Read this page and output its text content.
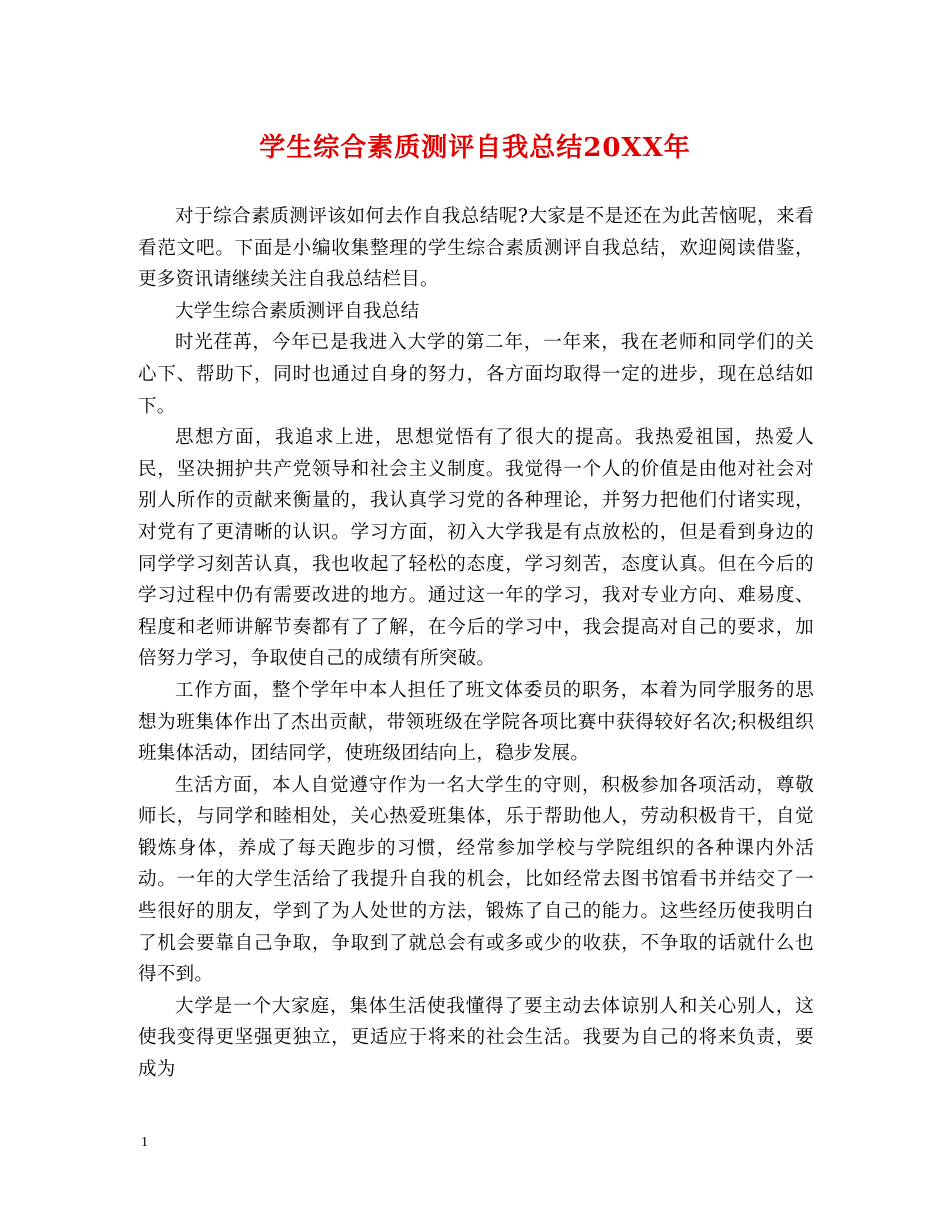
学生综合素质测评自我总结20XX年

对于综合素质测评该如何去作自我总结呢?大家是不是还在为此苦恼呢，来看看范文吧。下面是小编收集整理的学生综合素质测评自我总结，欢迎阅读借鉴，更多资讯请继续关注自我总结栏目。

大学生综合素质测评自我总结

时光荏苒，今年已是我进入大学的第二年，一年来，我在老师和同学们的关心下、帮助下，同时也通过自身的努力，各方面均取得一定的进步，现在总结如下。

思想方面，我追求上进，思想觉悟有了很大的提高。我热爱祖国，热爱人民，坚决拥护共产党领导和社会主义制度。我觉得一个人的价值是由他对社会对别人所作的贡献来衡量的，我认真学习党的各种理论，并努力把他们付诸实现，对党有了更清晰的认识。学习方面，初入大学我是有点放松的，但是看到身边的同学学习刻苦认真，我也收起了轻松的态度，学习刻苦，态度认真。但在今后的学习过程中仍有需要改进的地方。通过这一年的学习，我对专业方向、难易度、程度和老师讲解节奏都有了了解，在今后的学习中，我会提高对自己的要求，加倍努力学习，争取使自己的成绩有所突破。

工作方面，整个学年中本人担任了班文体委员的职务，本着为同学服务的思想为班集体作出了杰出贡献，带领班级在学院各项比赛中获得较好名次;积极组织班集体活动，团结同学，使班级团结向上，稳步发展。

生活方面，本人自觉遵守作为一名大学生的守则，积极参加各项活动，尊敬师长，与同学和睦相处，关心热爱班集体，乐于帮助他人，劳动积极肯干，自觉锻炼身体，养成了每天跑步的习惯，经常参加学校与学院组织的各种课内外活动。一年的大学生活给了我提升自我的机会，比如经常去图书馆看书并结交了一些很好的朋友，学到了为人处世的方法，锻炼了自己的能力。这些经历使我明白了机会要靠自己争取，争取到了就总会有或多或少的收获，不争取的话就什么也得不到。

大学是一个大家庭，集体生活使我懂得了要主动去体谅别人和关心别人，这使我变得更坚强更独立，更适应于将来的社会生活。我要为自己的将来负责，要成为

1
